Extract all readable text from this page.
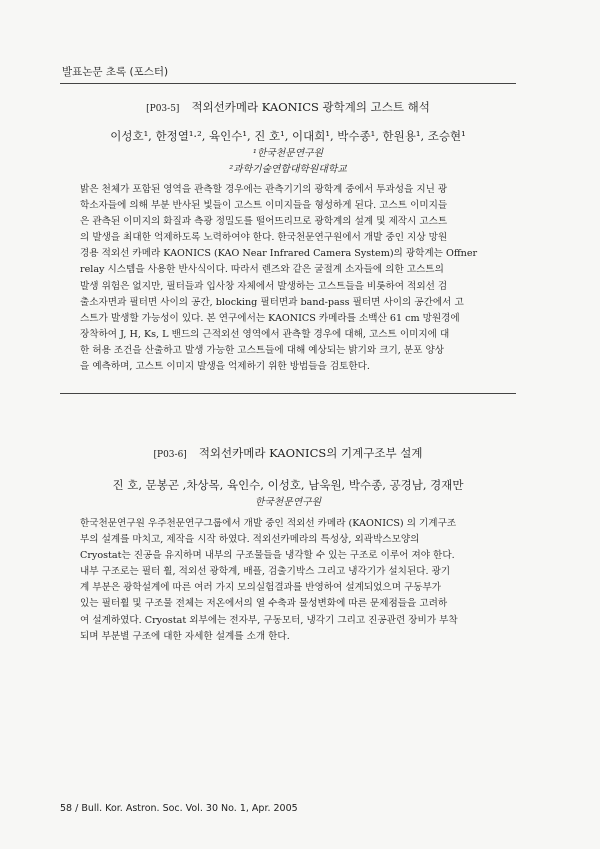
발표논문 초록 (포스터)
[P03-5] 적외선카메라 KAONICS 광학계의 고스트 해석
이성호¹, 한정열¹·², 육인수¹, 진 호¹, 이대희¹, 박수종¹, 한원용¹, 조승현¹
¹한국천문연구원
²과학기술연합대학원대학교
밝은 천체가 포함된 영역을 관측할 경우에는 관측기기의 광학계 중에서 투과성을 지닌 광
학소자들에 의해 부분 반사된 빛들이 고스트 이미지들을 형성하게 된다. 고스트 이미지들
은 관측된 이미지의 화질과 측광 정밀도를 떨어뜨리므로 광학계의 설계 및 제작시 고스트
의 발생을 최대한 억제하도록 노력하여야 한다. 한국천문연구원에서 개발 중인 지상 망원
경용 적외선 카메라 KAONICS (KAO Near Infrared Camera System)의 광학계는 Offner
relay 시스템을 사용한 반사식이다. 따라서 렌즈와 같은 굴절계 소자들에 의한 고스트의
발생 위험은 없지만, 필터들과 입사창 자체에서 발생하는 고스트들을 비롯하여 적외선 검
출소자면과 필터면 사이의 공간, blocking 필터면과 band-pass 필터면 사이의 공간에서 고
스트가 발생할 가능성이 있다. 본 연구에서는 KAONICS 카메라를 소백산 61 cm 망원경에
장착하여 J, H, Ks, L 밴드의 근적외선 영역에서 관측할 경우에 대해, 고스트 이미지에 대
한 허용 조건을 산출하고 발생 가능한 고스트들에 대해 예상되는 밝기와 크기, 분포 양상
을 예측하며, 고스트 이미지 발생을 억제하기 위한 방법들을 검토한다.
[P03-6] 적외선카메라 KAONICS의 기계구조부 설계
진 호, 문봉곤 ,차상목, 육인수, 이성호, 남욱원, 박수종, 공경남, 경재만
한국천문연구원
한국천문연구원 우주천문연구그룹에서 개발 중인 적외선 카메라 (KAONICS) 의 기계구조
부의 설계를 마치고, 제작을 시작 하였다. 적외선카메라의 특성상, 외곽박스모양의
Cryostat는 진공을 유지하며 내부의 구조물들을 냉각할 수 있는 구조로 이루어 져야 한다.
내부 구조로는 필터 휠, 적외선 광학계, 배플, 검출기박스 그리고 냉각기가 설치된다. 광기
계 부분은 광학설계에 따른 여러 가지 모의실험결과를 반영하여 설계되었으며 구동부가
있는 필터휠 및 구조물 전체는 저온에서의 열 수축과 물성변화에 따른 문제점들을 고려하
여 설계하였다. Cryostat 외부에는 전자부, 구동모터, 냉각기 그리고 진공관련 장비가 부착
되며 부분별 구조에 대한 자세한 설계를 소개 한다.
58 / Bull. Kor. Astron. Soc. Vol. 30 No. 1, Apr. 2005
